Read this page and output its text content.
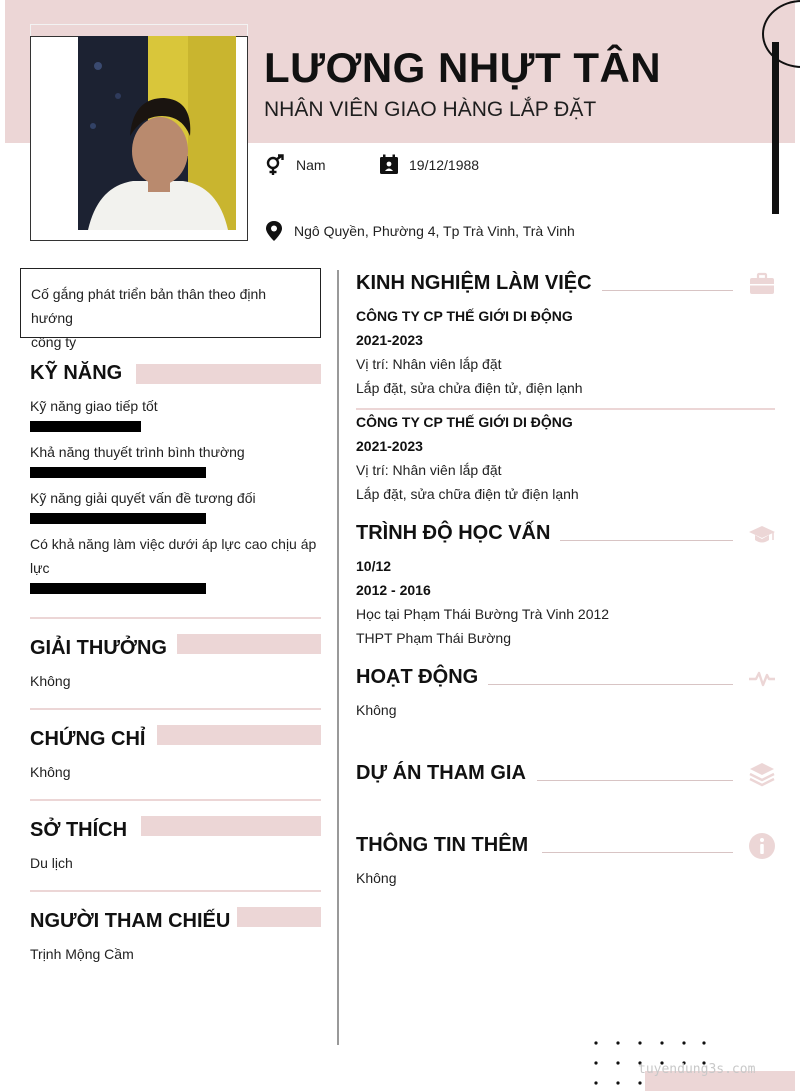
LƯƠNG NHỰT TÂN
NHÂN VIÊN GIAO HÀNG LẮP ĐẶT
Nam	19/12/1988
Ngô Quyền, Phường 4, Tp Trà Vinh, Trà Vinh
Cố gắng phát triển bản thân theo định hướng
công ty
KỸ NĂNG
Kỹ năng giao tiếp tốt
Khả năng thuyết trình bình thường
Kỹ năng giải quyết vấn đề tương đối
Có khả năng làm việc dưới áp lực cao chịu áp
lực
GIẢI THƯỞNG
Không
CHỨNG CHỈ
Không
SỞ THÍCH
Du lịch
NGƯỜI THAM CHIẾU
Trịnh Mộng Cầm
KINH NGHIỆM LÀM VIỆC
CÔNG TY CP THẾ GIỚI DI ĐỘNG
2021-2023
Vị trí: Nhân viên lắp đặt
Lắp đặt, sửa chửa điện tử, điện lạnh
CÔNG TY CP THẾ GIỚI DI ĐỘNG
2021-2023
Vị trí: Nhân viên lắp đặt
Lắp đặt, sửa chữa điện tử điện lạnh
TRÌNH ĐỘ HỌC VẤN
10/12
2012 - 2016
Học tại Phạm Thái Bường Trà Vinh 2012
THPT Phạm Thái Bường
HOẠT ĐỘNG
Không
DỰ ÁN THAM GIA
THÔNG TIN THÊM
Không
tuyendung3s.com
